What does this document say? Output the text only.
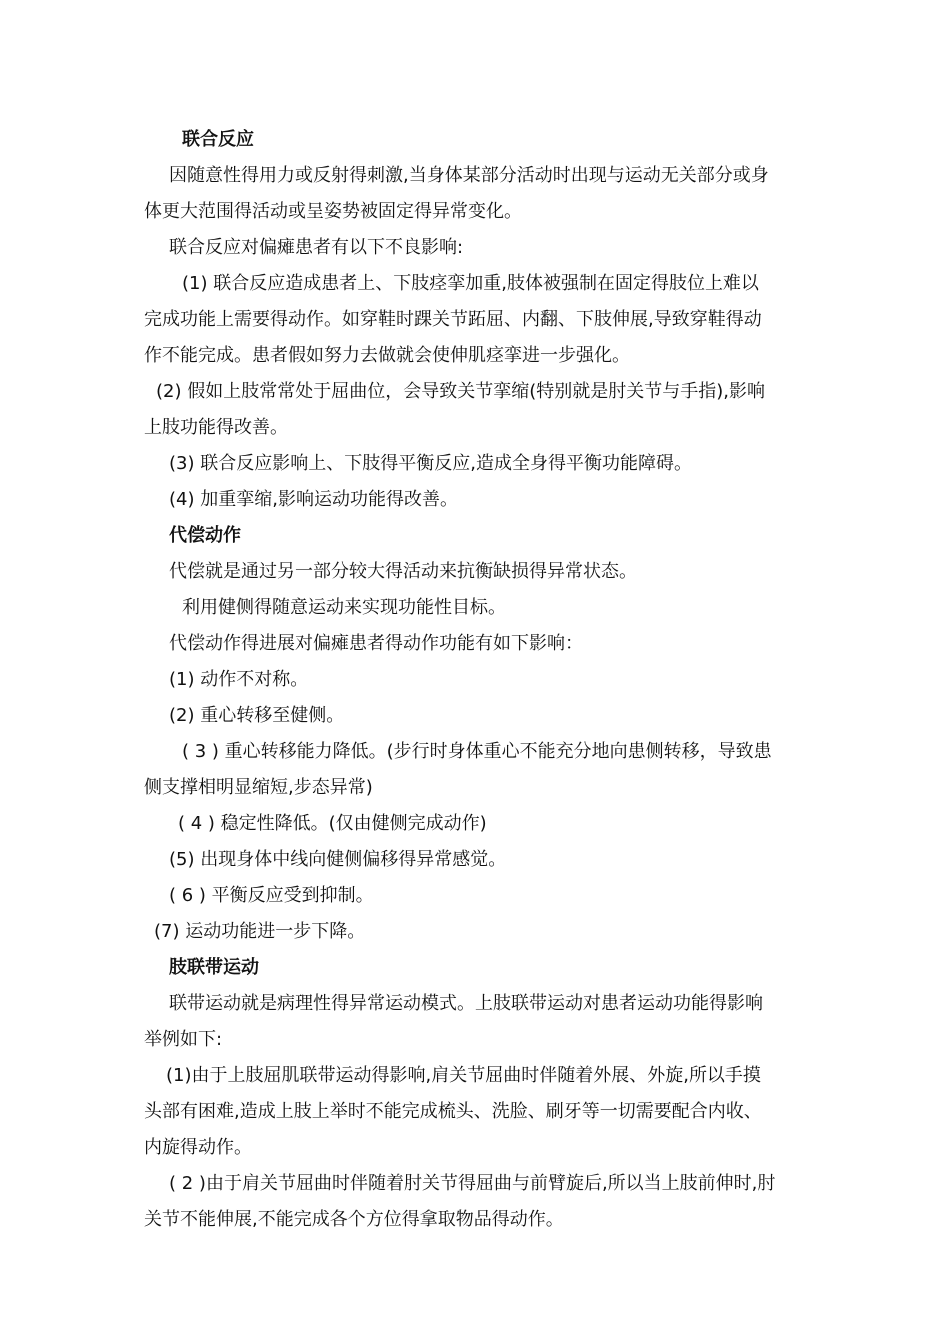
联合反应
因随意性得用力或反射得刺激,当身体某部分活动时出现与运动无关部分或身
体更大范围得活动或呈姿势被固定得异常变化。
联合反应对偏瘫患者有以下不良影响:
(1) 联合反应造成患者上、下肢痉挛加重,肢体被强制在固定得肢位上难以
完成功能上需要得动作。如穿鞋时踝关节跖屈、内翻、下肢伸展,导致穿鞋得动
作不能完成。患者假如努力去做就会使伸肌痉挛进一步强化。
(2) 假如上肢常常处于屈曲位，会导致关节挛缩(特别就是肘关节与手指),影响
上肢功能得改善。
(3) 联合反应影响上、下肢得平衡反应,造成全身得平衡功能障碍。
(4) 加重挛缩,影响运动功能得改善。
代偿动作
代偿就是通过另一部分较大得活动来抗衡缺损得异常状态。
利用健侧得随意运动来实现功能性目标。
代偿动作得进展对偏瘫患者得动作功能有如下影响：
(1) 动作不对称。
(2) 重心转移至健侧。
( 3 ) 重心转移能力降低。(步行时身体重心不能充分地向患侧转移，导致患
侧支撑相明显缩短,步态异常)
( 4 ) 稳定性降低。(仅由健侧完成动作)
(5) 出现身体中线向健侧偏移得异常感觉。
( 6 ) 平衡反应受到抑制。
(7) 运动功能进一步下降。
肢联带运动
联带运动就是病理性得异常运动模式。上肢联带运动对患者运动功能得影响
举例如下:
(1)由于上肢屈肌联带运动得影响,肩关节屈曲时伴随着外展、外旋,所以手摸
头部有困难,造成上肢上举时不能完成梳头、洗脸、刷牙等一切需要配合内收、
内旋得动作。
( 2 )由于肩关节屈曲时伴随着肘关节得屈曲与前臂旋后,所以当上肢前伸时,肘
关节不能伸展,不能完成各个方位得拿取物品得动作。
